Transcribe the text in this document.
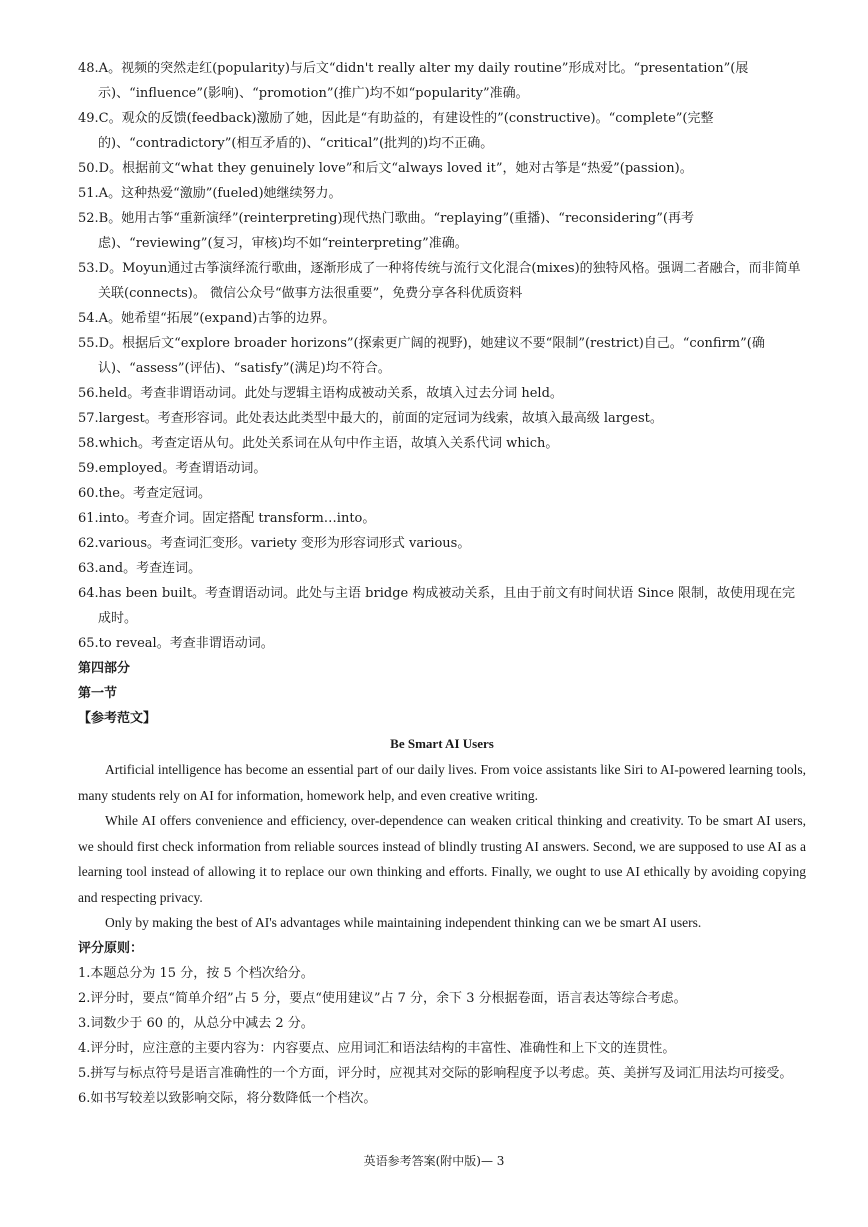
48.A。视频的突然走红(popularity)与后文“didn't really alter my daily routine”形成对比。“presentation”(展示)、“influence”(影响)、“promotion”(推广)均不如“popularity”准确。

49.C。观众的反馈(feedback)激励了她，因此是“有助益的，有建设性的”(constructive)。“complete”(完整的)、“contradictory”(相互矛盾的)、“critical”(批判的)均不正确。

50.D。根据前文“what they genuinely love”和后文“always loved it”，她对古筝是“热爱”(passion)。

51.A。这种热爱“激励”(fueled)她继续努力。

52.B。她用古筝“重新演绎”(reinterpreting)现代热门歌曲。“replaying”(重播)、“reconsidering”(再考虑)、“reviewing”(复习，审核)均不如“reinterpreting”准确。

53.D。Moyun通过古筝演绎流行歌曲，逐渐形成了一种将传统与流行文化混合(mixes)的独特风格。强调二者融合，而非简单关联(connects)。 微信公众号“做事方法很重要”，免费分享各科优质资料

54.A。她希望“拓展”(expand)古筝的边界。

55.D。根据后文“explore broader horizons”(探索更广阔的视野)，她建议不要“限制”(restrict)自己。“confirm”(确认)、“assess”(评估)、“satisfy”(满足)均不符合。

56.held。考查非谓语动词。此处与逻辑主语构成被动关系，故填入过去分词 held。

57.largest。考查形容词。此处表达此类型中最大的，前面的定冠词为线索，故填入最高级 largest。

58.which。考查定语从句。此处关系词在从句中作主语，故填入关系代词 which。

59.employed。考查谓语动词。

60.the。考查定冠词。

61.into。考查介词。固定搭配 transform…into。

62.various。考查词汇变形。variety 变形为形容词形式 various。

63.and。考查连词。

64.has been built。考查谓语动词。此处与主语 bridge 构成被动关系，且由于前文有时间状语 Since 限制，故使用现在完成时。

65.to reveal。考查非谓语动词。

第四部分

第一节

【参考范文】

Be Smart AI Users

Artificial intelligence has become an essential part of our daily lives. From voice assistants like Siri to AI-powered learning tools, many students rely on AI for information, homework help, and even creative writing.

While AI offers convenience and efficiency, over-dependence can weaken critical thinking and creativity. To be smart AI users, we should first check information from reliable sources instead of blindly trusting AI answers. Second, we are supposed to use AI as a learning tool instead of allowing it to replace our own thinking and efforts. Finally, we ought to use AI ethically by avoiding copying and respecting privacy.

Only by making the best of AI's advantages while maintaining independent thinking can we be smart AI users.

评分原则：

1.本题总分为 15 分，按 5 个档次给分。

2.评分时，要点“简单介绍”占 5 分，要点“使用建议”占 7 分，余下 3 分根据卷面，语言表达等综合考虑。

3.词数少于 60 的，从总分中减去 2 分。

4.评分时，应注意的主要内容为：内容要点、应用词汇和语法结构的丰富性、准确性和上下文的连贯性。

5.拼写与标点符号是语言准确性的一个方面，评分时，应视其对交际的影响程度予以考虑。英、美拼写及词汇用法均可接受。

6.如书写较差以致影响交际，将分数降低一个档次。

英语参考答案(附中版)— 3
